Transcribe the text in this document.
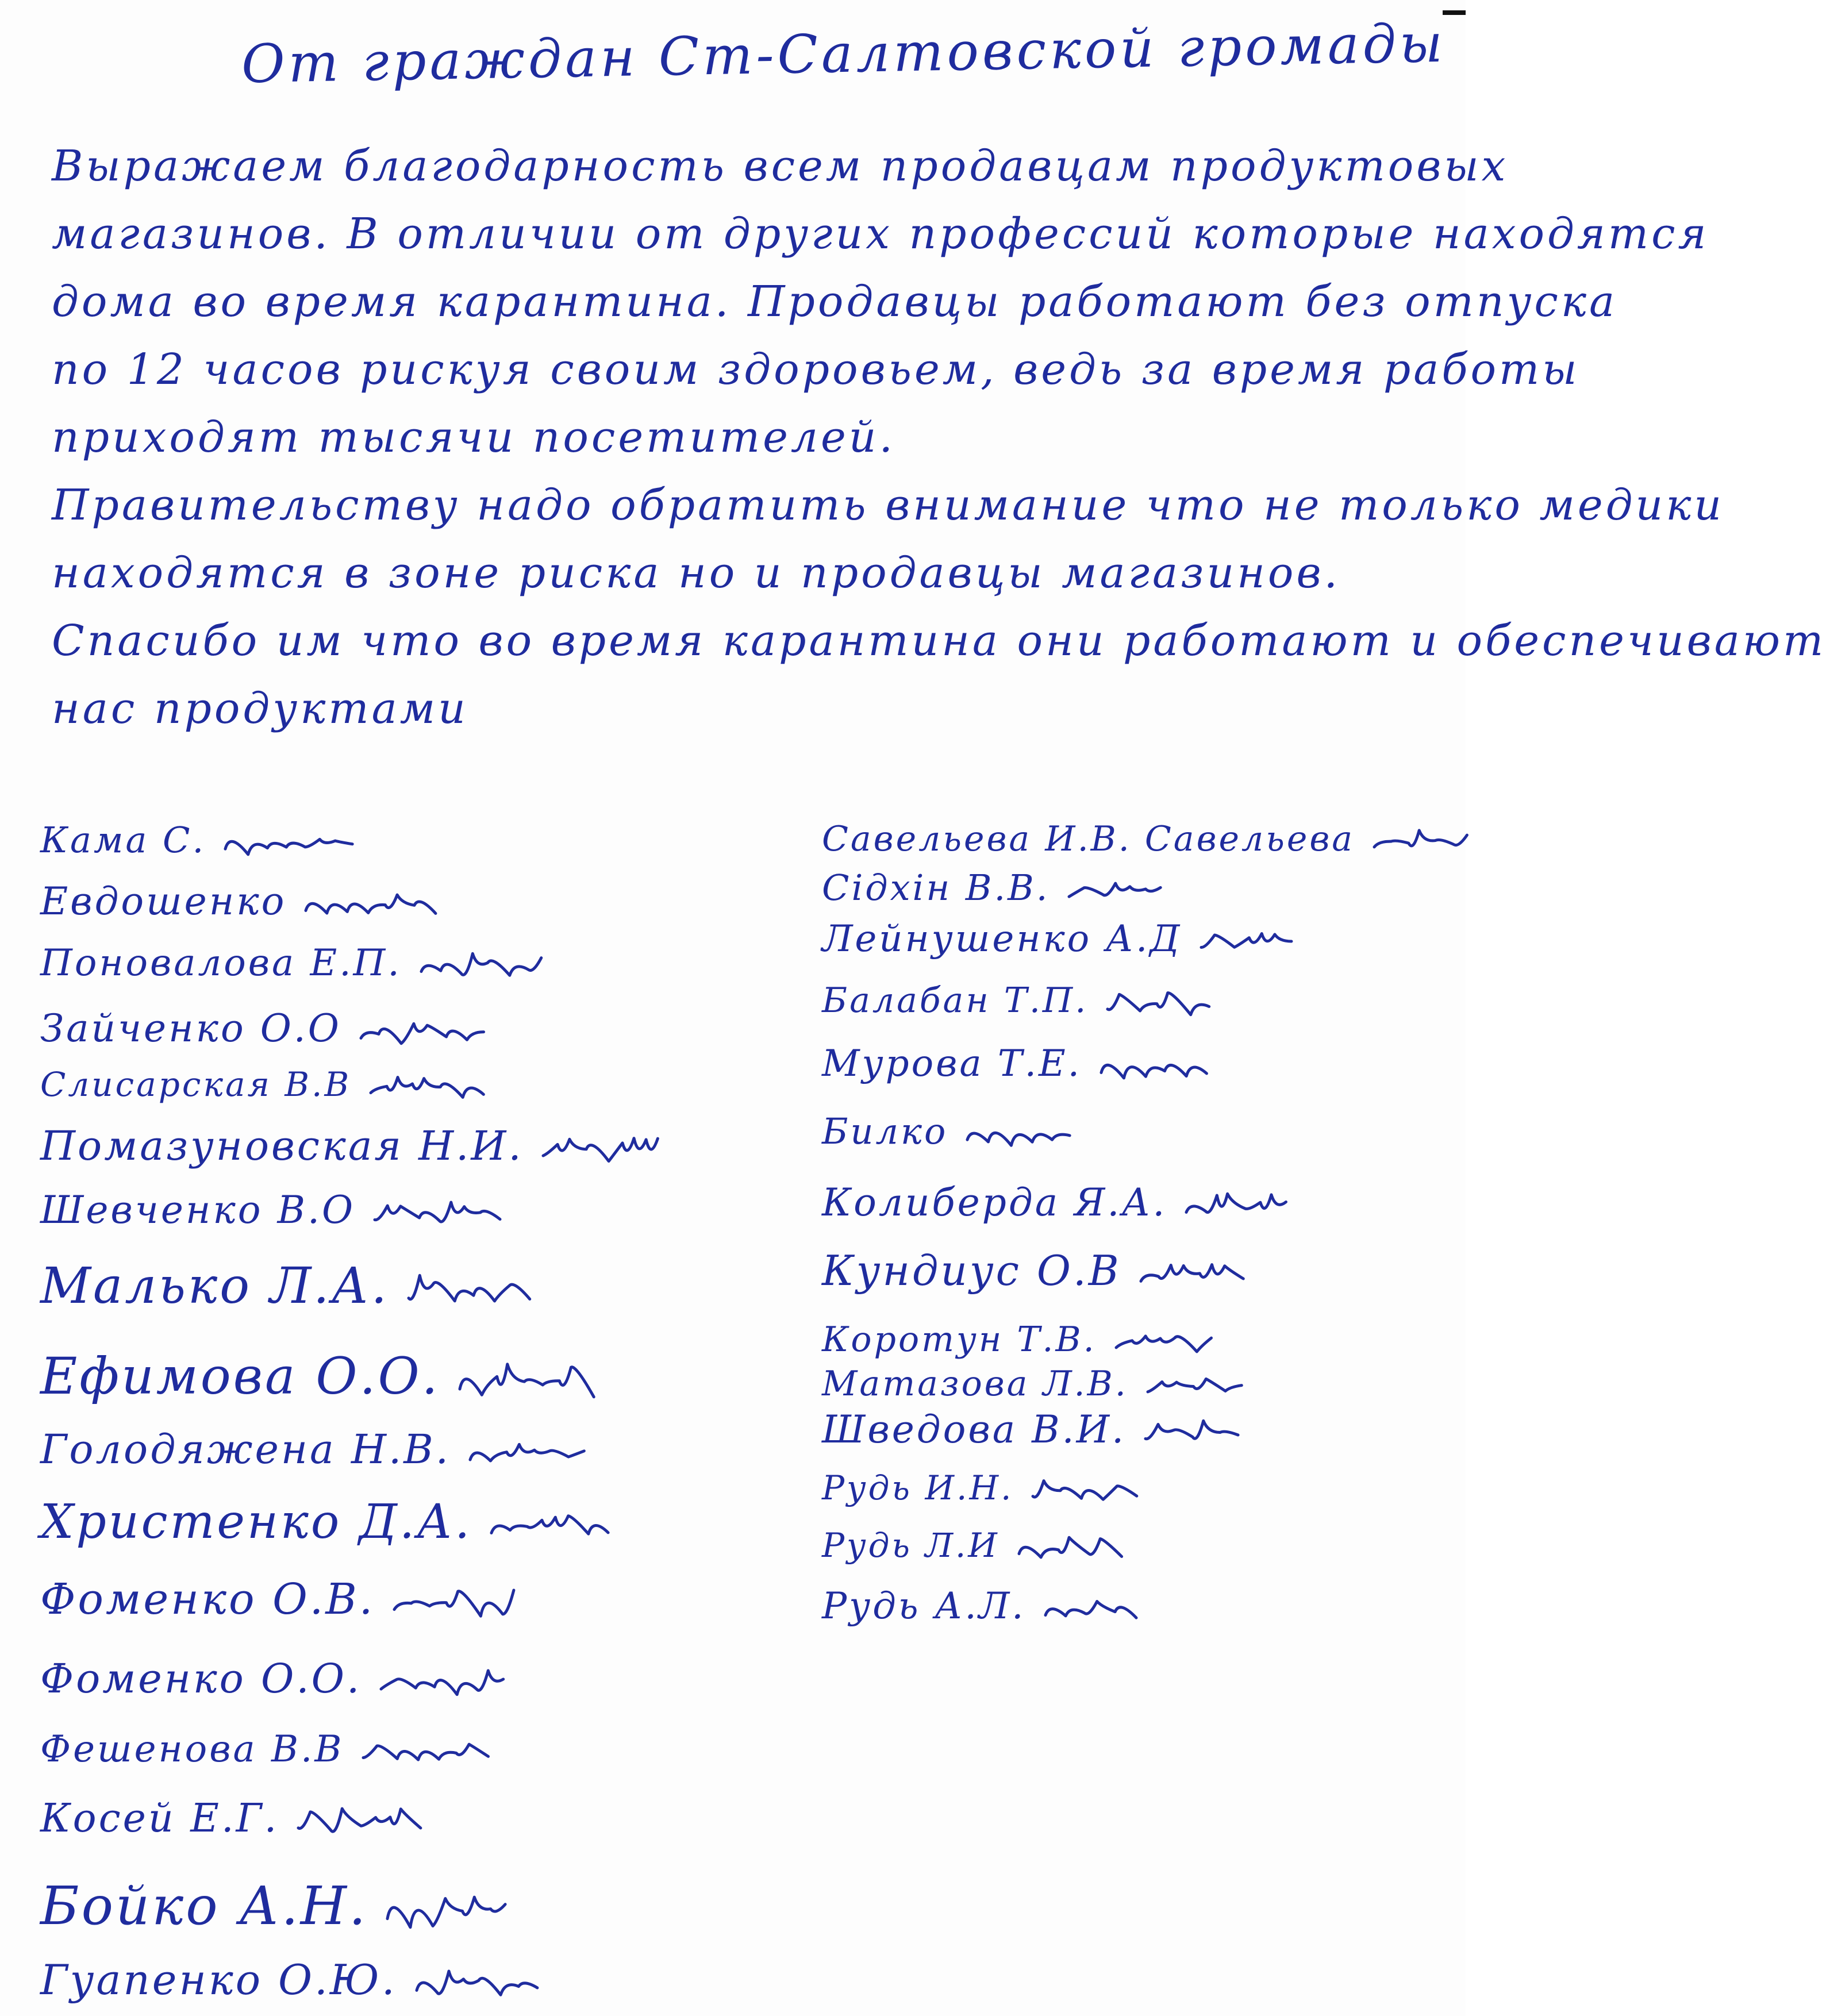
От граждан Ст-Салтовской громады
Выражаем благодарность всем продавцам продуктовых
магазинов. В отличии от других профессий которые находятся
дома во время карантина. Продавцы работают без отпуска
по 12 часов рискуя своим здоровьем, ведь за время работы
приходят тысячи посетителей.
Правительству надо обратить внимание что не только медики
находятся в зоне риска но и продавцы магазинов.
Спасибо им что во время карантина они работают и обеспечивают
нас продуктами
Кама С.
Евдошенко
Поновалова Е.П.
Зайченко О.О
Слисарская В.В
Помазуновская Н.И.
Шевченко В.О
Малько Л.А.
Ефимова О.О.
Голодяжена Н.В.
Христенко Д.А.
Фоменко О.В.
Фоменко О.О.
Фешенова В.В
Косей Е.Г.
Бойко А.Н.
Гуапенко О.Ю.
Савельева И.В. Савельева
Сідхін В.В.
Лейнушенко А.Д
Балабан Т.П.
Мурова Т.Е.
Билко
Колиберда Я.А.
Кундиус О.В
Коротун Т.В.
Матазова Л.В.
Шведова В.И.
Рудь И.Н.
Рудь Л.И
Рудь А.Л.
